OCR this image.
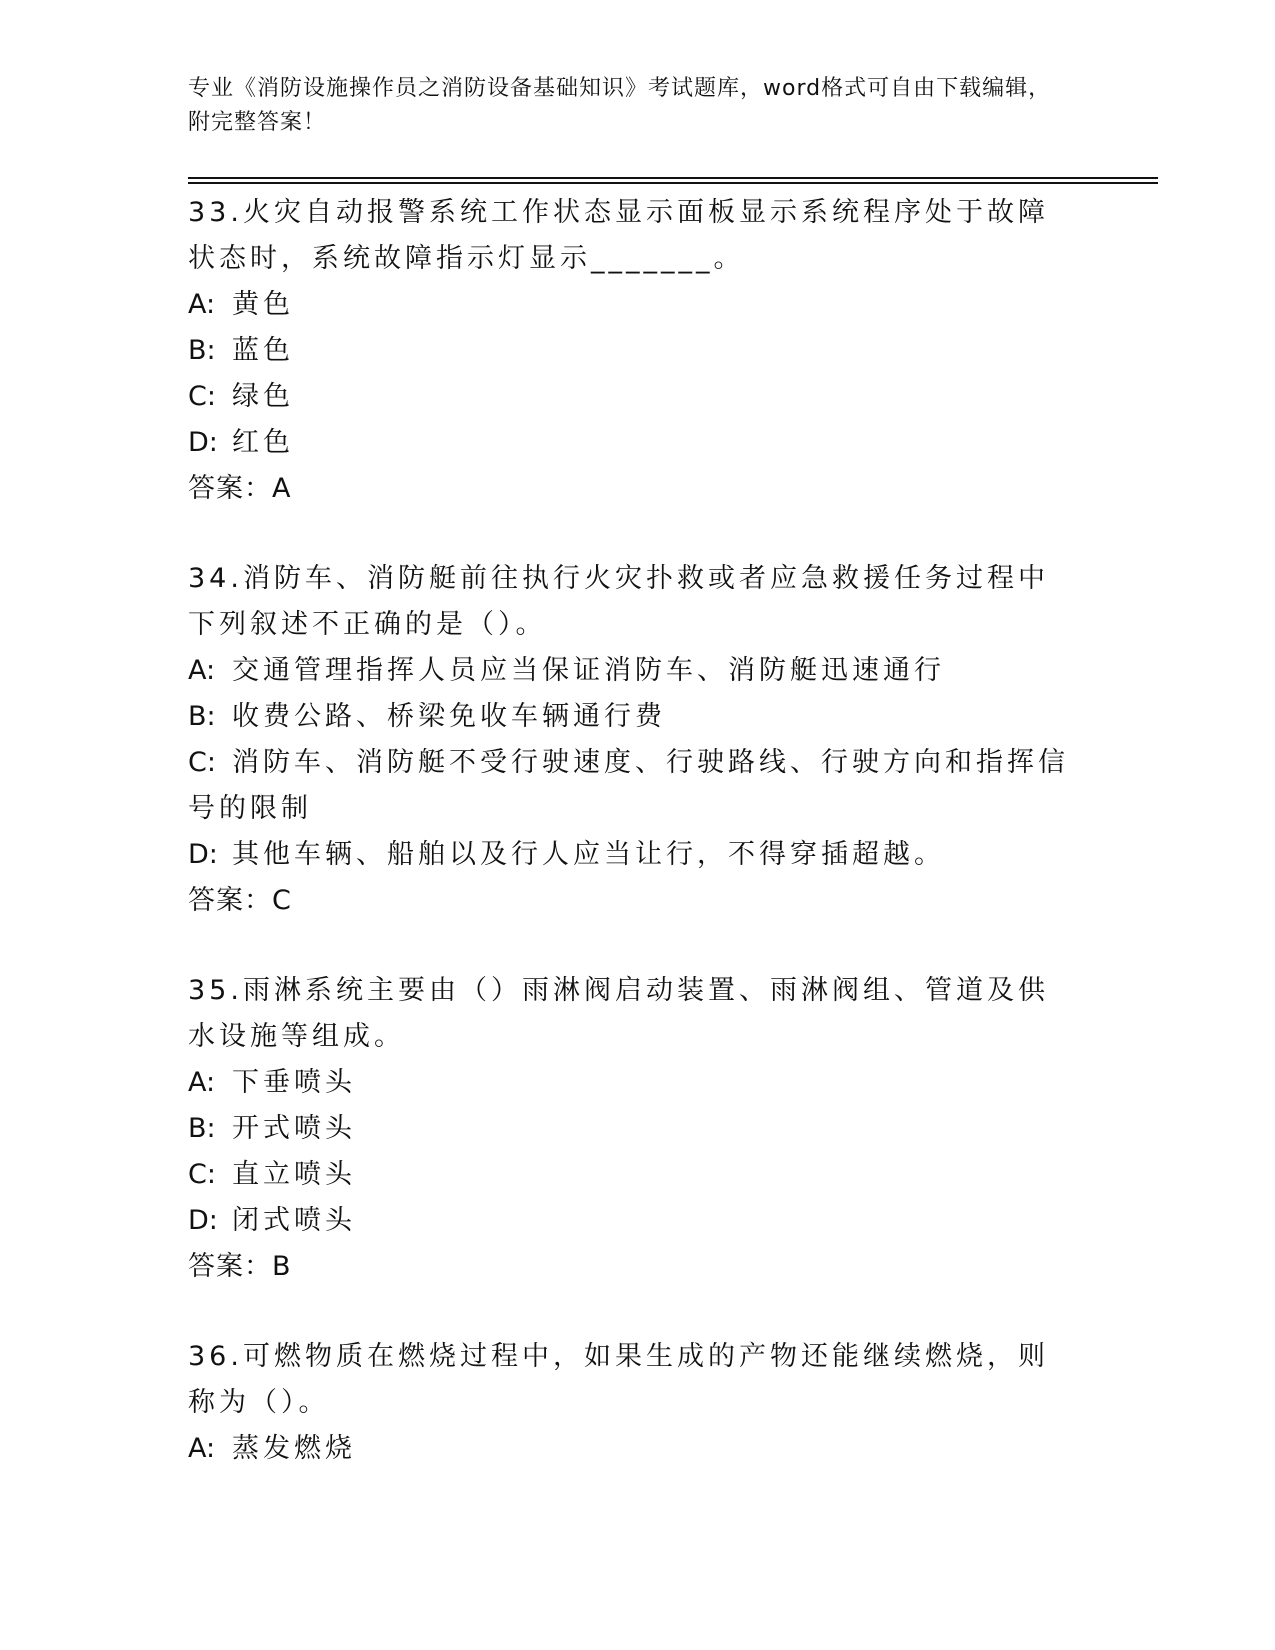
专业《消防设施操作员之消防设备基础知识》考试题库，word格式可自由下载编辑，附完整答案！
33.火灾自动报警系统工作状态显示面板显示系统程序处于故障状态时，系统故障指示灯显示_______。
A: 黄色
B: 蓝色
C: 绿色
D: 红色
答案：A
34.消防车、消防艇前往执行火灾扑救或者应急救援任务过程中下列叙述不正确的是（）。
A: 交通管理指挥人员应当保证消防车、消防艇迅速通行
B: 收费公路、桥梁免收车辆通行费
C: 消防车、消防艇不受行驶速度、行驶路线、行驶方向和指挥信号的限制
D: 其他车辆、船舶以及行人应当让行，不得穿插超越。
答案：C
35.雨淋系统主要由（）雨淋阀启动装置、雨淋阀组、管道及供水设施等组成。
A: 下垂喷头
B: 开式喷头
C: 直立喷头
D: 闭式喷头
答案：B
36.可燃物质在燃烧过程中，如果生成的产物还能继续燃烧，则称为（）。
A: 蒸发燃烧
